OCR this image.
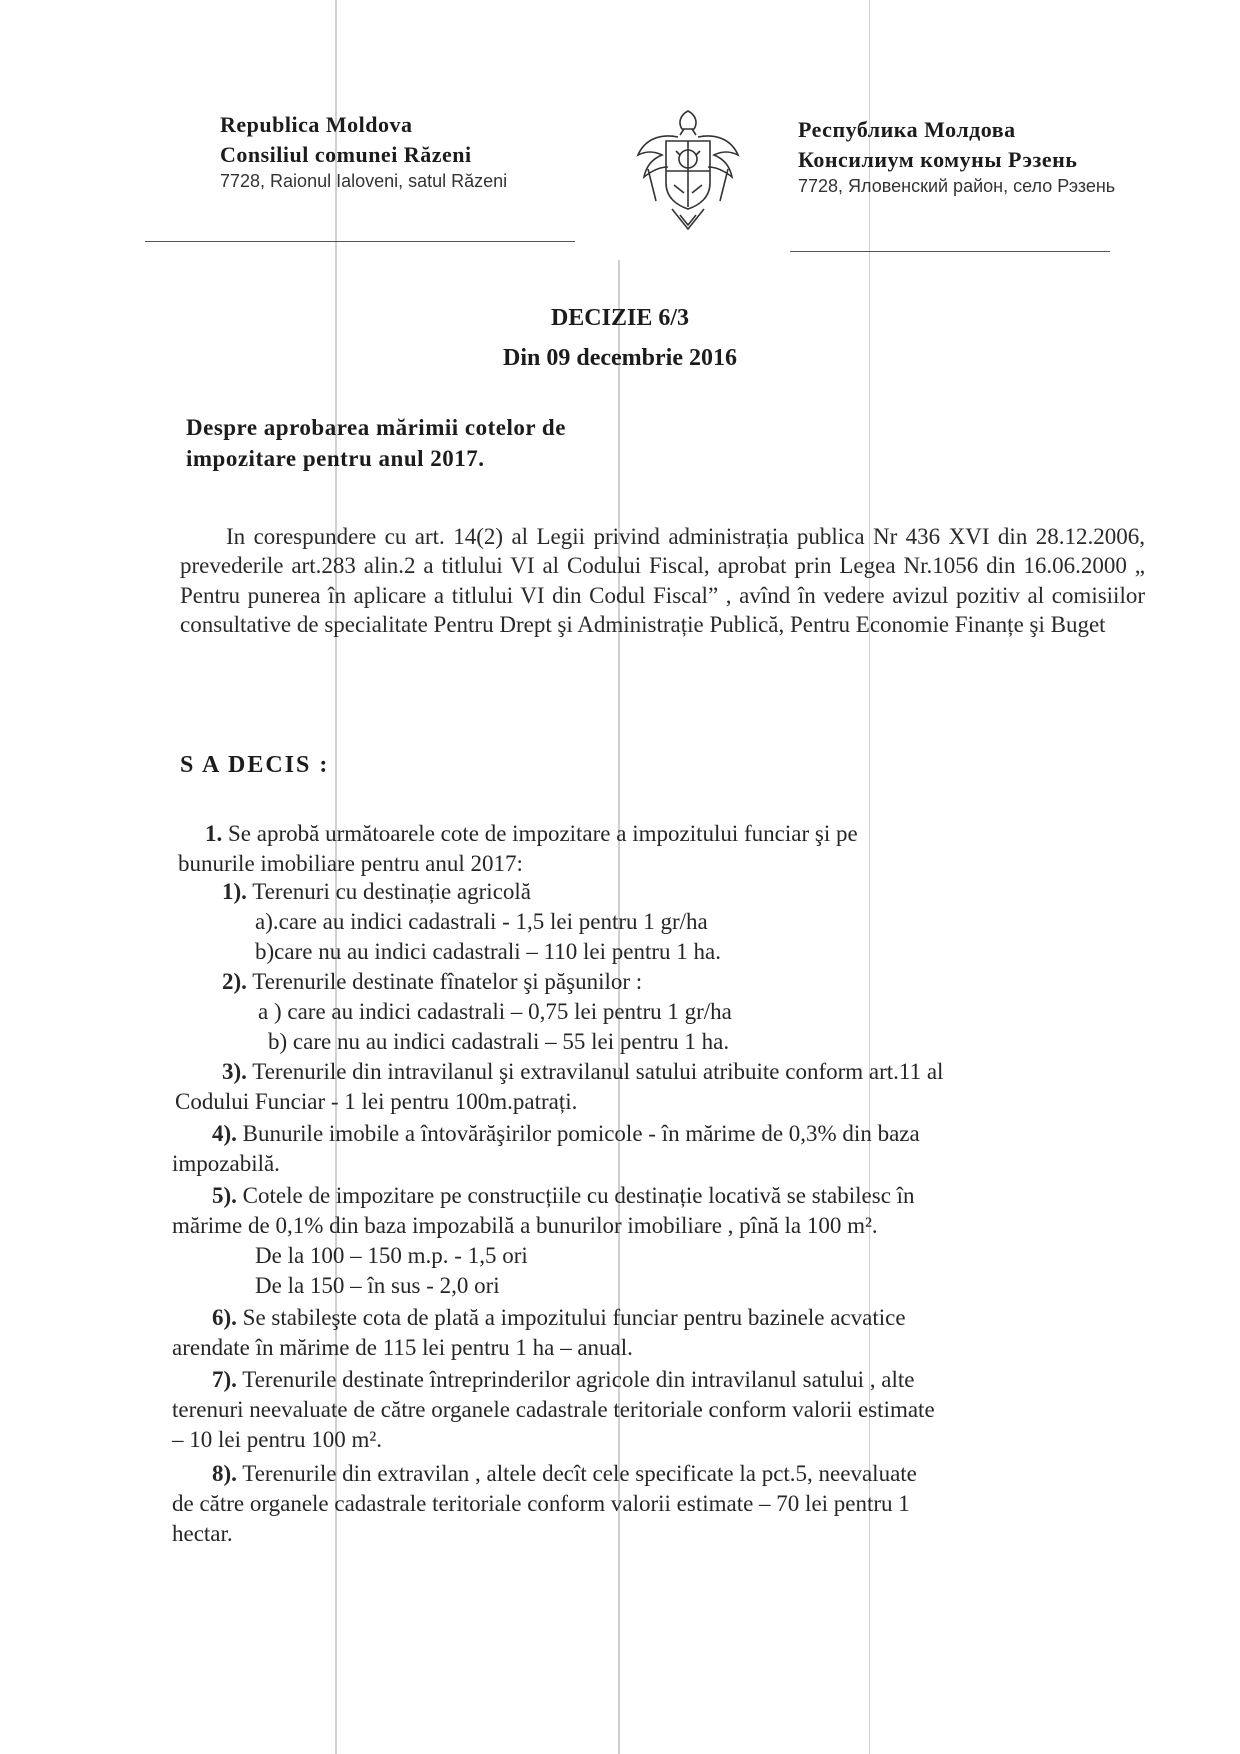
Republica Moldova
Consiliul comunei Răzeni
7728, Raionul Ialoveni, satul Răzeni
Республика Молдова
Консилиум комуны Рэзень
7728, Яловенский район, село Рэзень
DECIZIE 6/3
Din 09 decembrie 2016
Despre aprobarea mărimii cotelor de
impozitare pentru anul 2017.
In corespundere cu art. 14(2) al Legii privind administrația publica Nr 436 XVI din 28.12.2006, prevederile art.283 alin.2 a titlului VI al Codului Fiscal, aprobat prin Legea Nr.1056 din 16.06.2000 „ Pentru punerea în aplicare a titlului VI din Codul Fiscal” , avînd în vedere avizul pozitiv al comisiilor consultative de specialitate Pentru Drept şi Administrație Publică, Pentru Economie Finanțe şi Buget
S A DECIS :
1. Se aprobă următoarele cote de impozitare a impozitului funciar şi pe
bunurile imobiliare pentru anul 2017:
1). Terenuri cu destinație agricolă
a).care au indici cadastrali - 1,5 lei pentru 1 gr/ha
b)care nu au indici cadastrali – 110 lei pentru 1 ha.
2). Terenurile destinate fînatelor şi păşunilor :
a ) care au indici cadastrali – 0,75 lei pentru 1 gr/ha
b) care nu au indici cadastrali – 55 lei pentru 1 ha.
3). Terenurile din intravilanul şi extravilanul satului atribuite conform art.11 al
Codului Funciar - 1 lei pentru 100m.patrați.
4). Bunurile imobile a întovărăşirilor pomicole - în mărime de 0,3% din baza
impozabilă.
5). Cotele de impozitare pe construcțiile cu destinație locativă se stabilesc în
mărime de 0,1% din baza impozabilă a bunurilor imobiliare , pînă la 100 m².
De la 100 – 150 m.p. - 1,5 ori
De la 150 – în sus - 2,0 ori
6). Se stabileşte cota de plată a impozitului funciar pentru bazinele acvatice
arendate în mărime de 115 lei pentru 1 ha – anual.
7). Terenurile destinate întreprinderilor agricole din intravilanul satului , alte
terenuri neevaluate de către organele cadastrale teritoriale conform valorii estimate
– 10 lei pentru 100 m².
8). Terenurile din extravilan , altele decît cele specificate la pct.5, neevaluate
de către organele cadastrale teritoriale conform valorii estimate – 70 lei pentru 1
hectar.
